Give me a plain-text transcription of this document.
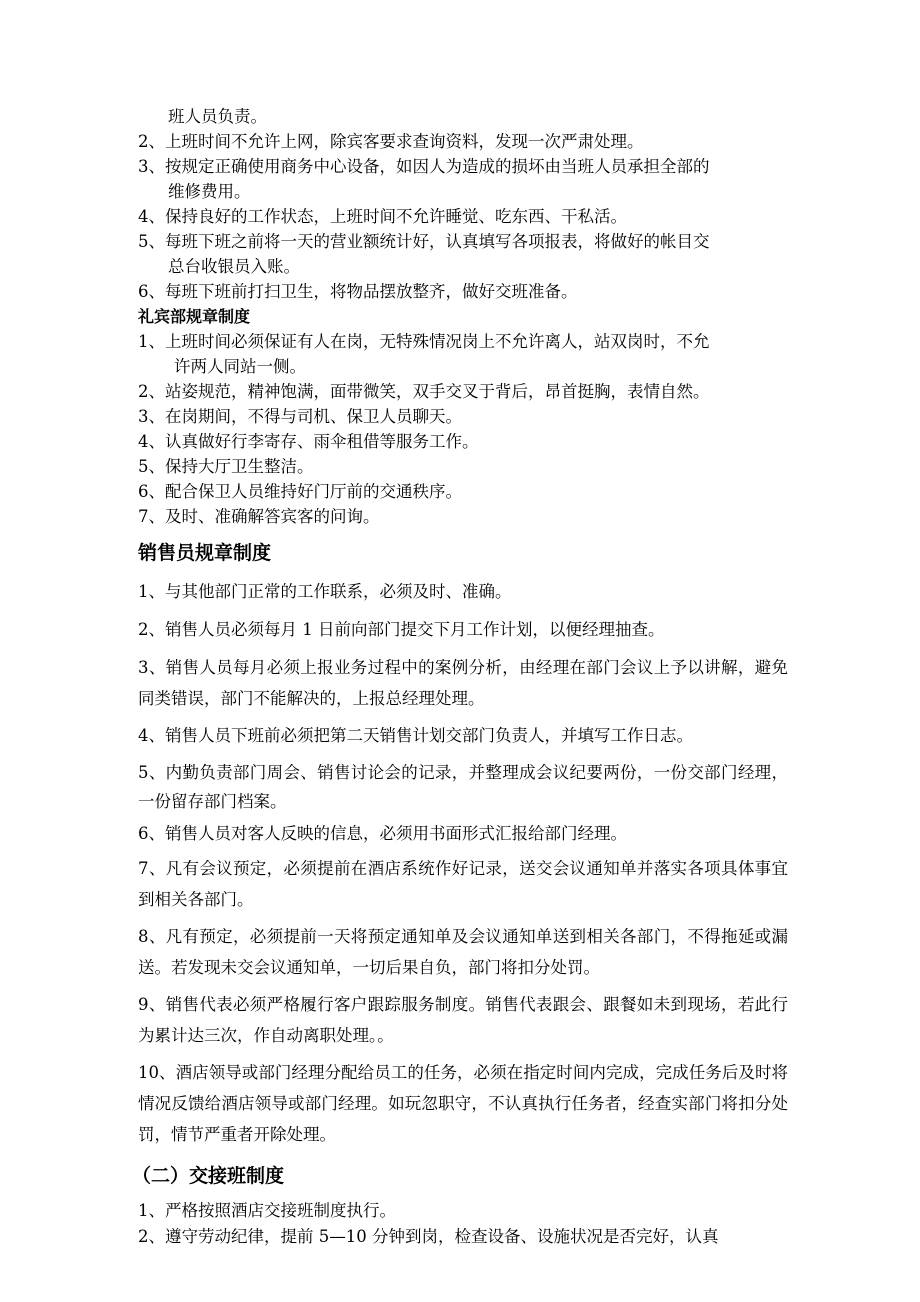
班人员负责。

2、上班时间不允许上网，除宾客要求查询资料，发现一次严肃处理。

3、按规定正确使用商务中心设备，如因人为造成的损坏由当班人员承担全部的

维修费用。

4、保持良好的工作状态，上班时间不允许睡觉、吃东西、干私活。

5、每班下班之前将一天的营业额统计好，认真填写各项报表，将做好的帐目交

总台收银员入账。

6、每班下班前打扫卫生，将物品摆放整齐，做好交班准备。

礼宾部规章制度

1、上班时间必须保证有人在岗，无特殊情况岗上不允许离人，站双岗时，不允

许两人同站一侧。

2、站姿规范，精神饱满，面带微笑，双手交叉于背后，昂首挺胸，表情自然。

3、在岗期间，不得与司机、保卫人员聊天。

4、认真做好行李寄存、雨伞租借等服务工作。

5、保持大厅卫生整洁。

6、配合保卫人员维持好门厅前的交通秩序。

7、及时、准确解答宾客的问询。

销售员规章制度

1、与其他部门正常的工作联系，必须及时、准确。

2、销售人员必须每月 1 日前向部门提交下月工作计划，以便经理抽查。

3、销售人员每月必须上报业务过程中的案例分析，由经理在部门会议上予以讲解，避免同类错误，部门不能解决的，上报总经理处理。

4、销售人员下班前必须把第二天销售计划交部门负责人，并填写工作日志。

5、内勤负责部门周会、销售讨论会的记录，并整理成会议纪要两份，一份交部门经理，一份留存部门档案。

6、销售人员对客人反映的信息，必须用书面形式汇报给部门经理。

7、凡有会议预定，必须提前在酒店系统作好记录，送交会议通知单并落实各项具体事宜到相关各部门。

8、凡有预定，必须提前一天将预定通知单及会议通知单送到相关各部门，不得拖延或漏送。若发现未交会议通知单，一切后果自负，部门将扣分处罚。

9、销售代表必须严格履行客户跟踪服务制度。销售代表跟会、跟餐如未到现场，若此行为累计达三次，作自动离职处理。。

10、酒店领导或部门经理分配给员工的任务，必须在指定时间内完成，完成任务后及时将情况反馈给酒店领导或部门经理。如玩忽职守，不认真执行任务者，经查实部门将扣分处罚，情节严重者开除处理。

（二）交接班制度

1、严格按照酒店交接班制度执行。

2、遵守劳动纪律，提前 5—10 分钟到岗，检查设备、设施状况是否完好，认真
